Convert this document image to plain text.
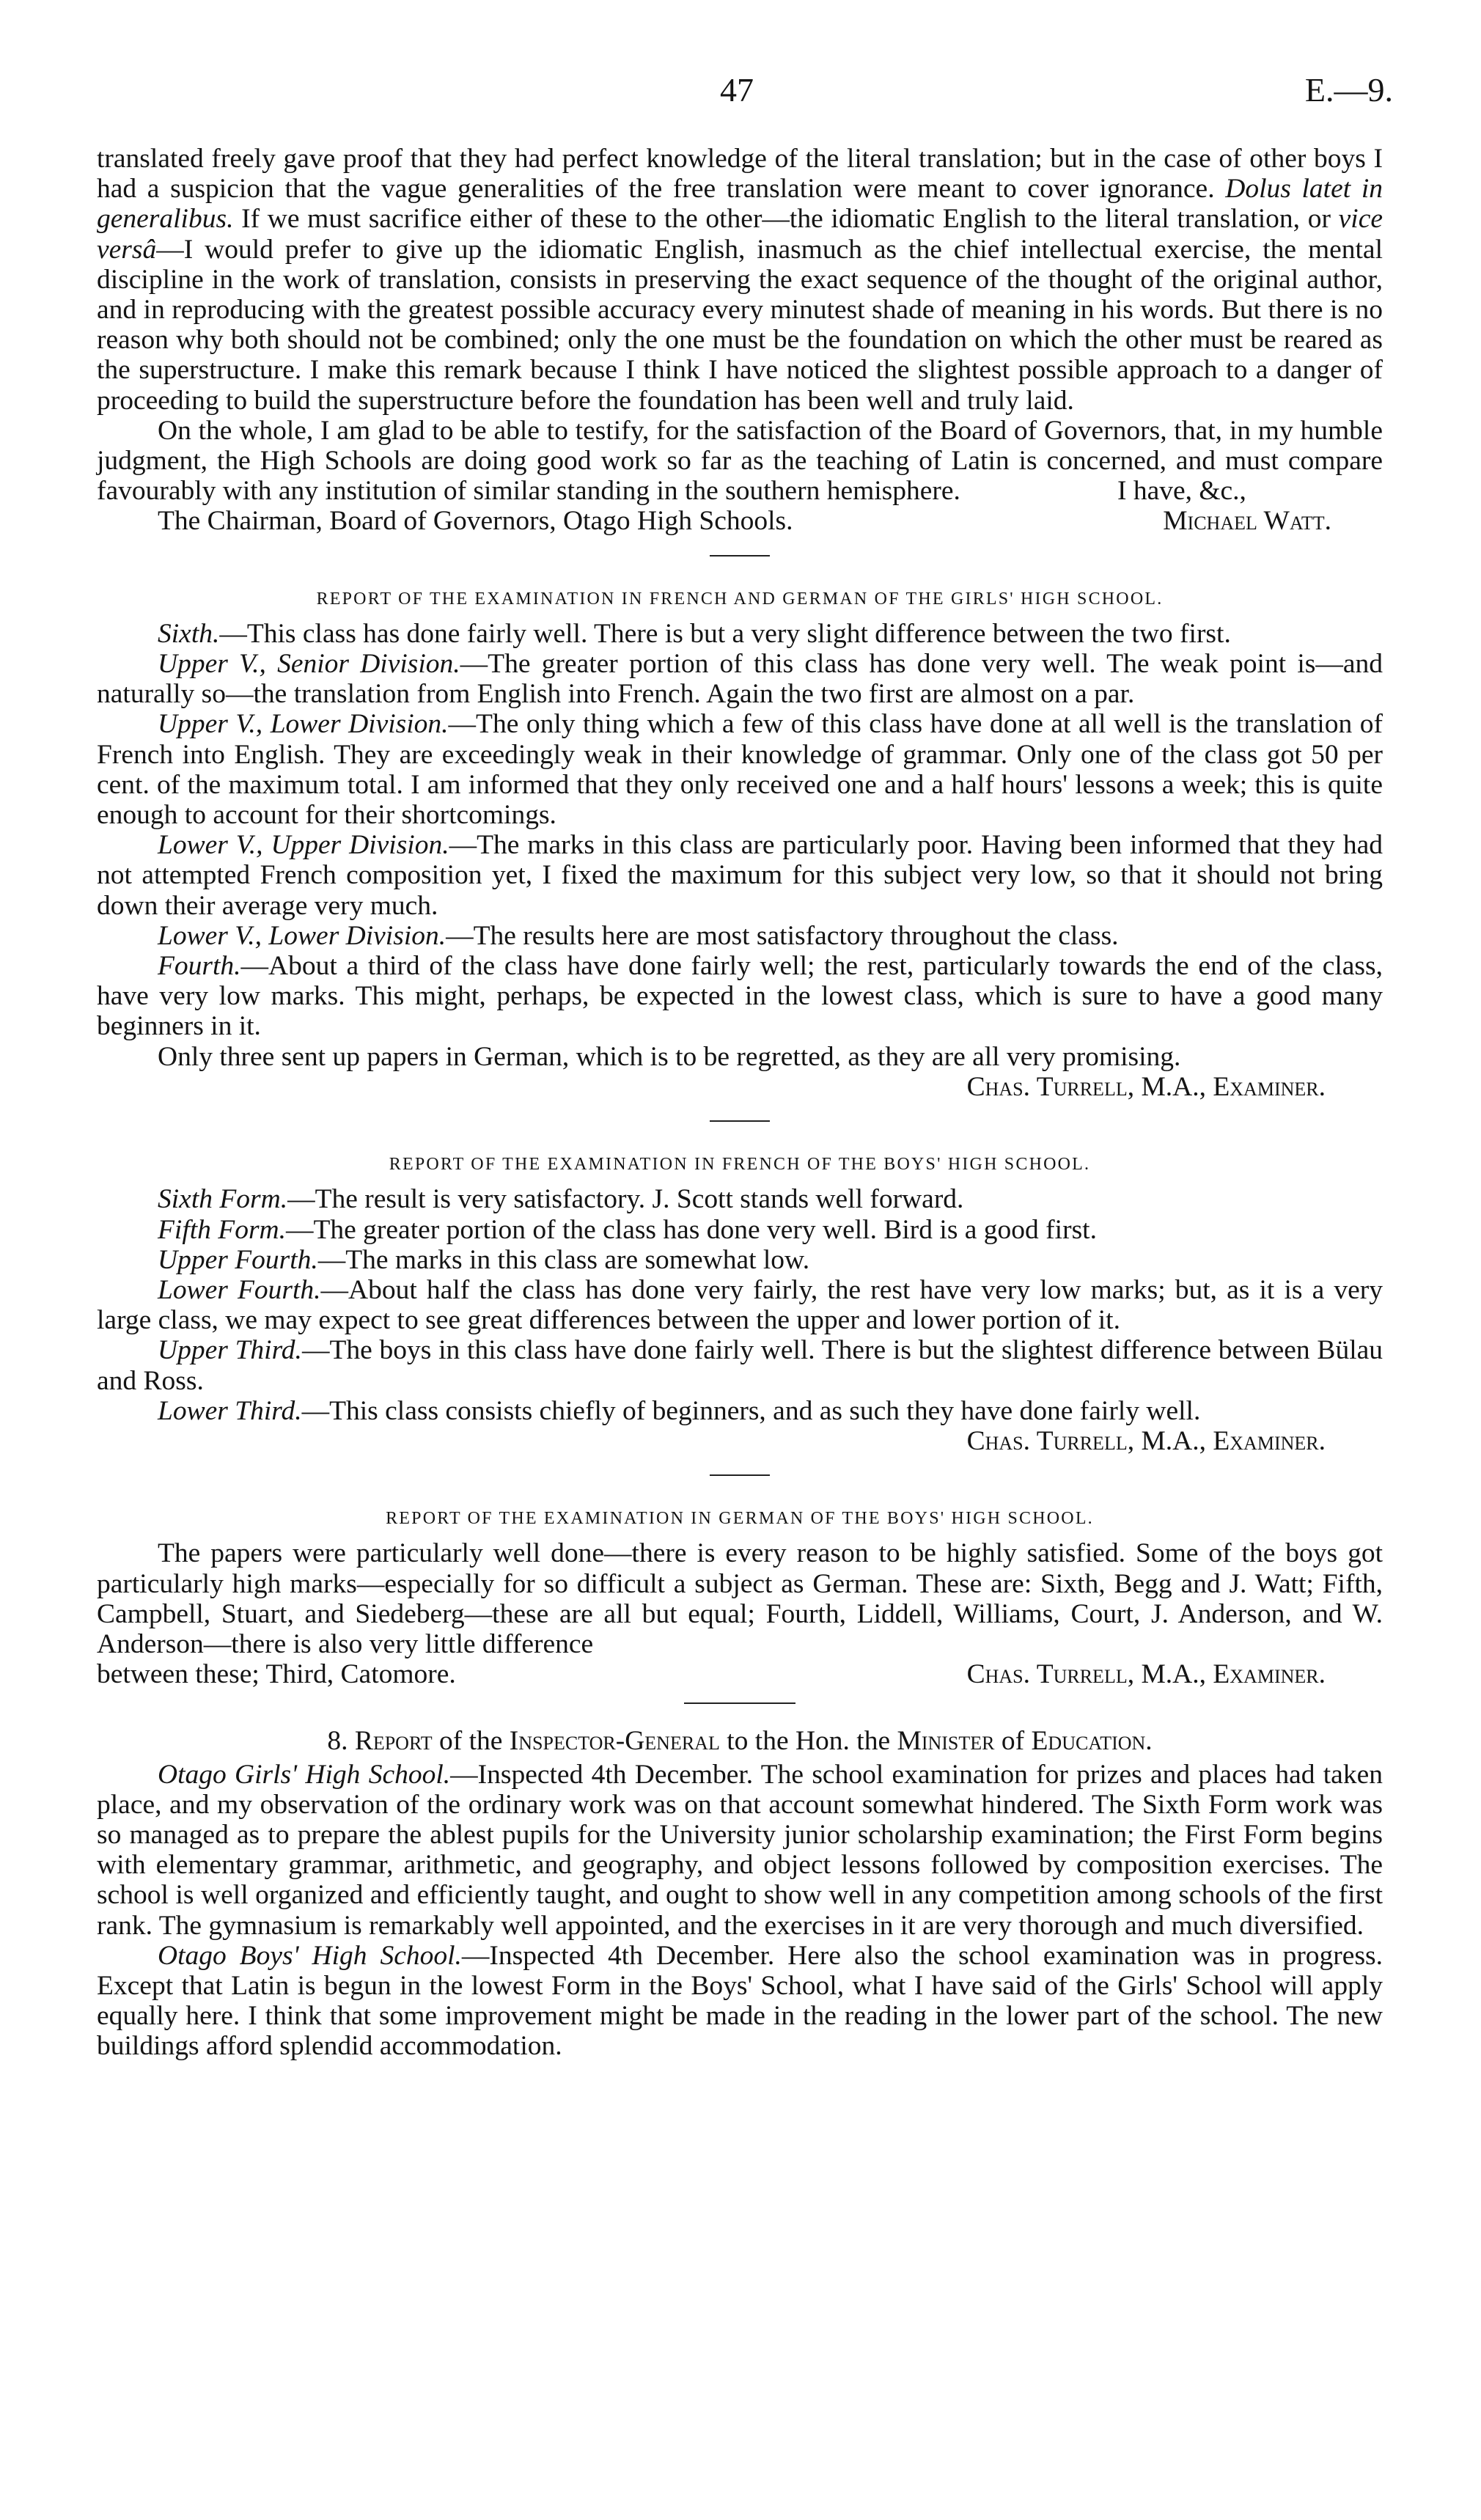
47	E.—9.

translated freely gave proof that they had perfect knowledge of the literal translation; but in the case of other boys I had a suspicion that the vague generalities of the free translation were meant to cover ignorance. Dolus latet in generalibus. If we must sacrifice either of these to the other—the idiomatic English to the literal translation, or vice versâ—I would prefer to give up the idiomatic English, inasmuch as the chief intellectual exercise, the mental discipline in the work of translation, consists in preserving the exact sequence of the thought of the original author, and in reproducing with the greatest possible accuracy every minutest shade of meaning in his words. But there is no reason why both should not be combined; only the one must be the foundation on which the other must be reared as the superstructure. I make this remark because I think I have noticed the slightest possible approach to a danger of proceeding to build the superstructure before the foundation has been well and truly laid.

On the whole, I am glad to be able to testify, for the satisfaction of the Board of Governors, that, in my humble judgment, the High Schools are doing good work so far as the teaching of Latin is concerned, and must compare favourably with any institution of similar standing in the southern hemisphere.	I have, &c.,

The Chairman, Board of Governors, Otago High Schools.	Michael Watt.
REPORT OF THE EXAMINATION IN FRENCH AND GERMAN OF THE GIRLS' HIGH SCHOOL.

Sixth.—This class has done fairly well. There is but a very slight difference between the two first.

Upper V., Senior Division.—The greater portion of this class has done very well. The weak point is—and naturally so—the translation from English into French. Again the two first are almost on a par.

Upper V., Lower Division.—The only thing which a few of this class have done at all well is the translation of French into English. They are exceedingly weak in their knowledge of grammar. Only one of the class got 50 per cent. of the maximum total. I am informed that they only received one and a half hours' lessons a week; this is quite enough to account for their shortcomings.

Lower V., Upper Division.—The marks in this class are particularly poor. Having been informed that they had not attempted French composition yet, I fixed the maximum for this subject very low, so that it should not bring down their average very much.

Lower V., Lower Division.—The results here are most satisfactory throughout the class.

Fourth.—About a third of the class have done fairly well; the rest, particularly towards the end of the class, have very low marks. This might, perhaps, be expected in the lowest class, which is sure to have a good many beginners in it.

Only three sent up papers in German, which is to be regretted, as they are all very promising.

Chas. Turrell, M.A., Examiner.
REPORT OF THE EXAMINATION IN FRENCH OF THE BOYS' HIGH SCHOOL.

Sixth Form.—The result is very satisfactory. J. Scott stands well forward.

Fifth Form.—The greater portion of the class has done very well. Bird is a good first.

Upper Fourth.—The marks in this class are somewhat low.

Lower Fourth.—About half the class has done very fairly, the rest have very low marks; but, as it is a very large class, we may expect to see great differences between the upper and lower portion of it.

Upper Third.—The boys in this class have done fairly well. There is but the slightest difference between Bülau and Ross.

Lower Third.—This class consists chiefly of beginners, and as such they have done fairly well.

Chas. Turrell, M.A., Examiner.
REPORT OF THE EXAMINATION IN GERMAN OF THE BOYS' HIGH SCHOOL.

The papers were particularly well done—there is every reason to be highly satisfied. Some of the boys got particularly high marks—especially for so difficult a subject as German. These are: Sixth, Begg and J. Watt; Fifth, Campbell, Stuart, and Siedeberg—these are all but equal; Fourth, Liddell, Williams, Court, J. Anderson, and W. Anderson—there is also very little difference

between these; Third, Catomore.	Chas. Turrell, M.A., Examiner.
8. Report of the Inspector-General to the Hon. the Minister of Education.

Otago Girls' High School.—Inspected 4th December. The school examination for prizes and places had taken place, and my observation of the ordinary work was on that account somewhat hindered. The Sixth Form work was so managed as to prepare the ablest pupils for the University junior scholarship examination; the First Form begins with elementary grammar, arithmetic, and geography, and object lessons followed by composition exercises. The school is well organized and efficiently taught, and ought to show well in any competition among schools of the first rank. The gymnasium is remarkably well appointed, and the exercises in it are very thorough and much diversified.

Otago Boys' High School.—Inspected 4th December. Here also the school examination was in progress. Except that Latin is begun in the lowest Form in the Boys' School, what I have said of the Girls' School will apply equally here. I think that some improvement might be made in the reading in the lower part of the school. The new buildings afford splendid accommodation.
